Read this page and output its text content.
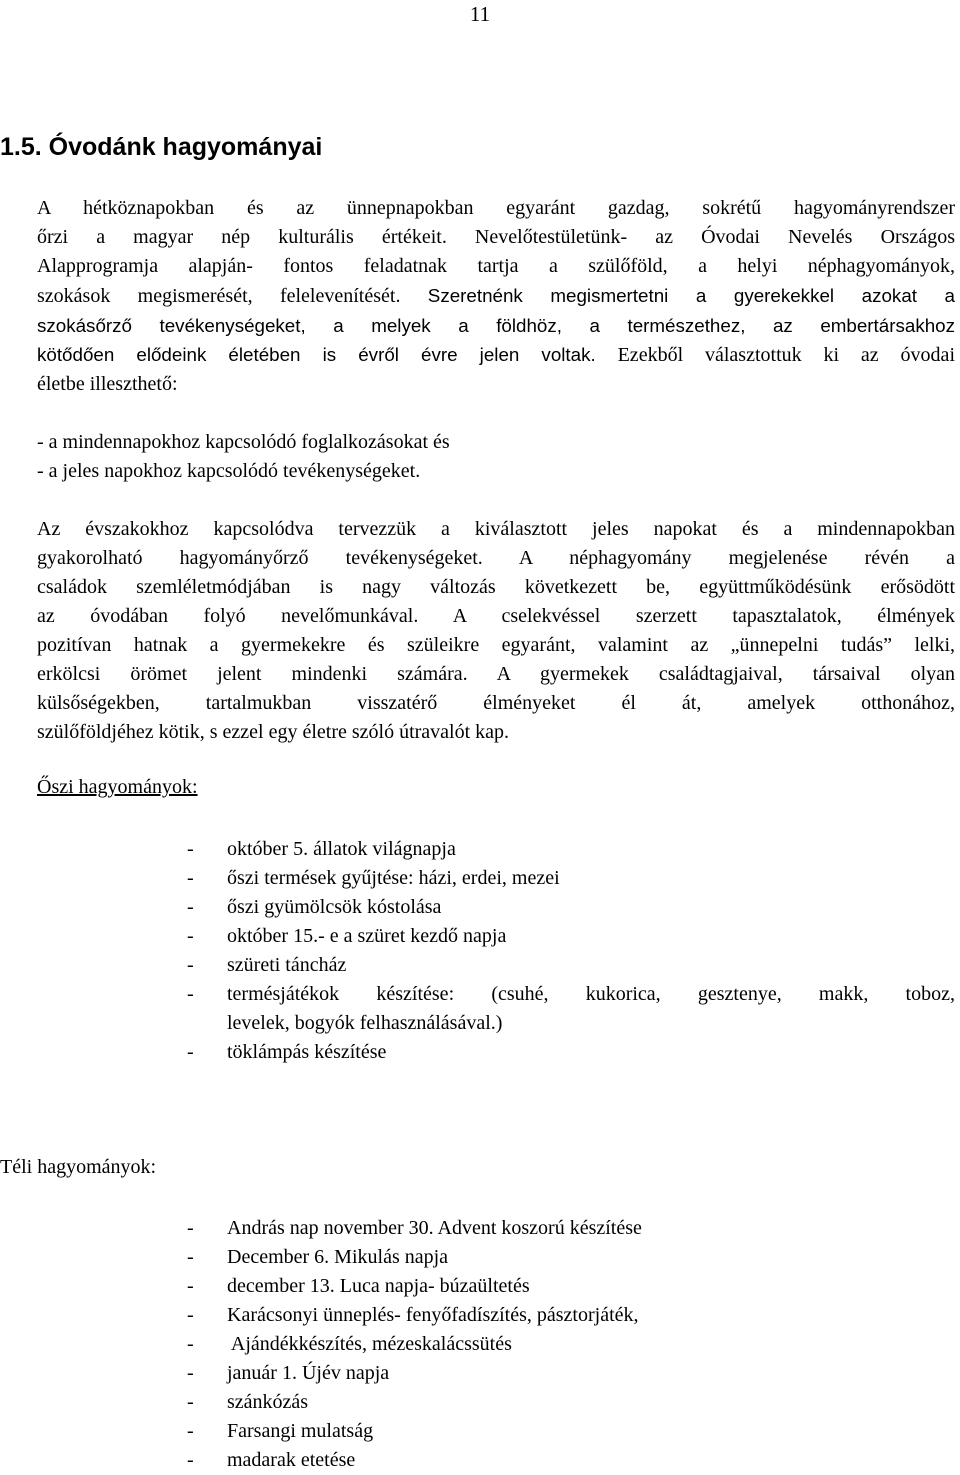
11
1.5. Óvodánk hagyományai
A hétköznapokban és az ünnepnapokban egyaránt gazdag, sokrétű hagyományrendszer
őrzi a magyar nép kulturális értékeit. Nevelőtestületünk- az Óvodai Nevelés Országos
Alapprogramja alapján- fontos feladatnak tartja a szülőföld, a helyi néphagyományok,
szokások megismerését, felelevenítését. Szeretnénk megismertetni a gyerekekkel azokat a
szokásőrző tevékenységeket, a melyek a földhöz, a természethez, az embertársakhoz
kötődően elődeink életében is évről évre jelen voltak. Ezekből választottuk ki az óvodai
életbe illeszthető:
- a mindennapokhoz kapcsolódó foglalkozásokat és
- a jeles napokhoz kapcsolódó tevékenységeket.
Az évszakokhoz kapcsolódva tervezzük a kiválasztott jeles napokat és a mindennapokban
gyakorolható hagyományőrző tevékenységeket. A néphagyomány megjelenése révén a
családok szemléletmódjában is nagy változás következett be, együttműködésünk erősödött
az óvodában folyó nevelőmunkával. A cselekvéssel szerzett tapasztalatok, élmények
pozitívan hatnak a gyermekekre és szüleikre egyaránt, valamint az „ünnepelni tudás” lelki,
erkölcsi örömet jelent mindenki számára. A gyermekek családtagjaival, társaival olyan
külsőségekben, tartalmukban visszatérő élményeket él át, amelyek otthonához,
szülőföldjéhez kötik, s ezzel egy életre szóló útravalót kap.
Őszi hagyományok:
- október 5. állatok világnapja
- őszi termések gyűjtése: házi, erdei, mezei
- őszi gyümölcsök kóstolása
- október 15.- e a szüret kezdő napja
- szüreti táncház
- termésjátékok készítése: (csuhé, kukorica, gesztenye, makk, toboz,
levelek, bogyók felhasználásával.)
- töklámpás készítése
Téli hagyományok:
- András nap november 30. Advent koszorú készítése
- December 6. Mikulás napja
- december 13. Luca napja- búzaültetés
- Karácsonyi ünneplés- fenyőfadíszítés, pásztorjáték,
- Ajándékkészítés, mézeskalácssütés
- január 1. Újév napja
- szánkózás
- Farsangi mulatság
- madarak etetése
